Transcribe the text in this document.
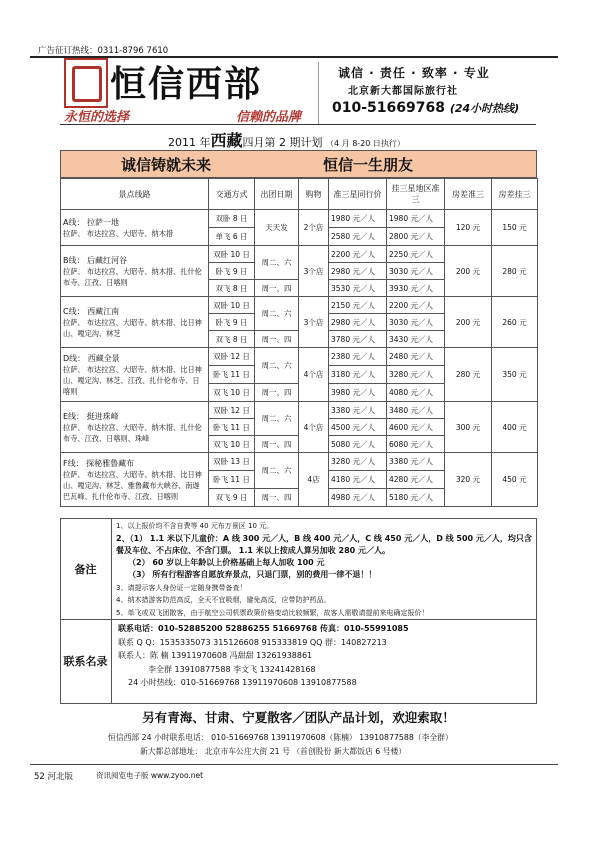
广告征订热线：0311-8796 7610
恒信西部
永恒的选择	信赖的品牌
诚信 · 责任 · 致率 · 专业
北京新大都国际旅行社
010-51669768 (24小时热线)
2011 年西藏四月第 2 期计划 （4 月 8-20 日执行）
诚信铸就未来	恒信一生朋友
景点线路	交通方式	出团日期	购物	准三星同行价	挂三星地区准三	房差准三	房差挂三

A线： 拉萨一地
拉萨、 布达拉宫、大昭寺、纳木措	双卧 8 日	天天发	2个店	1980 元／人	1980 元／人	120 元	150 元
	单飞 6 日			2580 元／人	2800 元／人		

B线： 后藏红河谷
拉萨、 布达拉宫、大昭寺、纳木措、扎什伦布寺、江孜、日喀则	双卧 10 日	周二、六	3个店	2200 元／人	2250 元／人	200 元	280 元
	卧飞 9 日			2980 元／人	3030 元／人		
	双飞 8 日	周一、四		3530 元／人	3930 元／人		

C线： 西藏江南
拉萨、 布达拉宫、大昭寺、纳木措、比日神山、嘎定沟、林芝	双卧 10 日	周二、六	3个店	2150 元／人	2200 元／人	200 元	260 元
	卧飞 9 日			2980 元／人	3030 元／人		
	双飞 8 日	周一、四		3780 元／人	3430 元／人		

D线： 西藏全景
拉萨、 布达拉宫、大昭寺、纳木措、比日神山、嘎定沟、林芝、江孜、扎什伦布寺、日喀则	双卧 12 日	周二、六	4个店	2380 元／人	2480 元／人	280 元	350 元
	卧飞 11 日			3180 元／人	3280 元／人		
	双飞 10 日	周一、四		3980 元／人	4080 元／人		

E线： 挺进珠峰
拉萨、 布达拉宫、大昭寺、纳木措、扎什伦布寺、江孜、日喀则、珠峰	双卧 12 日	周二、六	4个店	3380 元／人	3480 元／人	300 元	400 元
	卧飞 11 日			4500 元／人	4600 元／人		
	双飞 10 日	周一、四		5080 元／人	6080 元／人		

F线： 探秘雅鲁藏布
拉萨、 布达拉宫、大昭寺、纳木措、比日神山、嘎定沟、林芝、雅鲁藏布大峡谷、南迦巴瓦峰、扎什伦布寺、江孜、日喀则	双卧 13 日	周二、六	4店	3280 元／人	3380 元／人	320 元	450 元
	卧飞 11 日			4180 元／人	4280 元／人		
	双飞 9 日	周一、四		4980 元／人	5180 元／人		
备注
1、以上报价均不含自费等 40 元布万景区 10 元。
2、（1） 1.1 米以下儿童价：A 线 300 元／人，B 线 400 元／人，C 线 450 元／人，D 线 500 元／人，均只含餐及车位、不占床位、不含门票。 1.1 米以上按成人算另加收 280 元／人。
（2） 60 岁以上年龄以上价格基础上每人加收 100 元
（3） 所有行程游客自愿放弃景点，只退门票，别的费用一律不退！！
3、请提示客人身份证一定随身携带备查！
4、纳木措游客防范高反，全天不宜吸烟，避免高反，应带防护药品。
5、单飞或双飞团散客，由于航空公司机票政策价格变动比较频繁，故客人需敬请提前来电确定报价！
联系名录
联系电话：010-52885200 52886255 51669768 传真：010-55991085
联系 Q Q：1535335073 315126608 915333819 QQ 群：140827213
联系人：陈 楠 13911970608 冯甜甜 13261938861
李全群 13910877588 李文飞 13241428168
24 小时热线：010-51669768 13911970608 13910877588
另有青海、甘肃、宁夏散客／团队产品计划，欢迎索取！
恒信西部 24 小时联系电话： 010-51669768 13911970608（陈楠） 13910877588（李全群）
新大都总部地址： 北京市车公庄大街 21 号 （首创股份 新大都饭店 6 号楼）
52 河北版	资讯阅览电子版 www.zyoo.net
